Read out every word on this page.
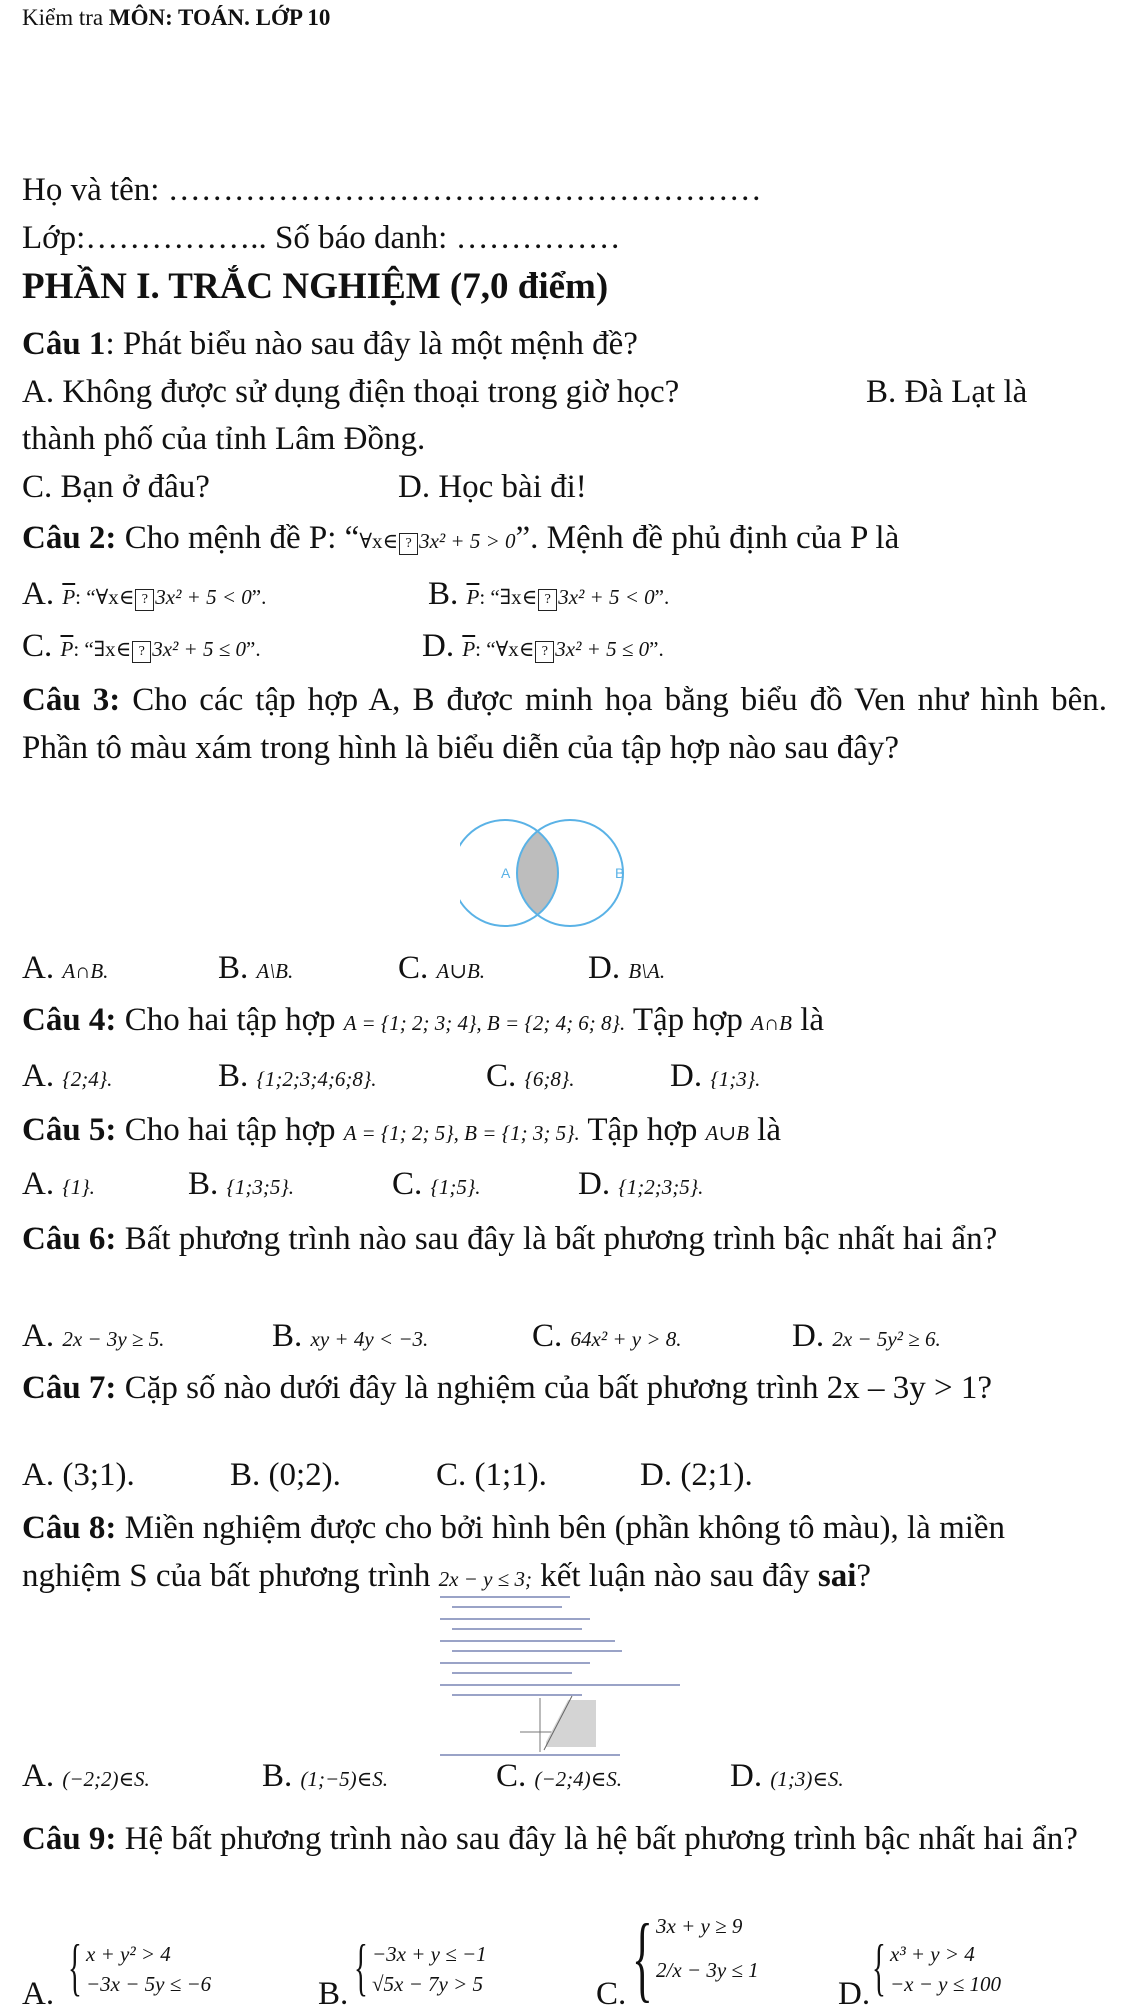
Kiểm tra MÔN: TOÁN. LỚP 10
Họ và tên: ………………………………………………
Lớp:…………….. Số báo danh: ……………
PHẦN I. TRẮC NGHIỆM (7,0 điểm)
Câu 1: Phát biểu nào sau đây là một mệnh đề?
A. Không được sử dụng điện thoại trong giờ học?	B. Đà Lạt là
thành phố của tỉnh Lâm Đồng.
C. Bạn ở đâu?	D. Học bài đi!
Câu 2: Cho mệnh đề P: “∀x∈ ? 3x² + 5 > 0”. Mệnh đề phủ định của P là
A. $\overline{P}$: “∀x∈ ? 3x² + 5 < 0”.	B. $\overline{P}$: “∃x∈ ? 3x² + 5 < 0”.
C. $\overline{P}$: “∃x∈ ? 3x² + 5 ≤ 0”.	D. $\overline{P}$: “∀x∈ ? 3x² + 5 ≤ 0”.
Câu 3: Cho các tập hợp A, B được minh họa bằng biểu đồ Ven như hình bên. Phần tô màu xám trong hình là biểu diễn của tập hợp nào sau đây?
A	B
A. A∩B.	B. A\B.	C. A∪B.	D. B\A.
Câu 4: Cho hai tập hợp A = {1; 2; 3; 4}, B = {2; 4; 6; 8}. Tập hợp A∩B là
A. {2;4}.	B. {1;2;3;4;6;8}.	C. {6;8}.	D. {1;3}.
Câu 5: Cho hai tập hợp A = {1; 2; 5}, B = {1; 3; 5}. Tập hợp A∪B là
A. {1}.	B. {1;3;5}.	C. {1;5}.	D. {1;2;3;5}.
Câu 6: Bất phương trình nào sau đây là bất phương trình bậc nhất hai ẩn?
A. 2x − 3y ≥ 5.	B. xy + 4y < −3.	C. 64x² + y > 8.	D. 2x − 5y² ≥ 6.
Câu 7: Cặp số nào dưới đây là nghiệm của bất phương trình 2x – 3y > 1?
A. (3;1).	B. (0;2).	C. (1;1).	D. (2;1).
Câu 8: Miền nghiệm được cho bởi hình bên (phần không tô màu), là miền nghiệm S của bất phương trình 2x − y ≤ 3; kết luận nào sau đây sai?
A. (−2;2)∈S.	B. (1;−5)∈S.	C. (−2;4)∈S.	D. (1;3)∈S.
Câu 9: Hệ bất phương trình nào sau đây là hệ bất phương trình bậc nhất hai ẩn?
A. { x + y² > 4
−3x − 5y ≤ −6	B. { −3x + y ≤ −1
√5x − 7y > 5	C. { 3x + y ≥ 9
2/x − 3y ≤ 1
D. { x³ + y > 4
−x − y ≤ 100
